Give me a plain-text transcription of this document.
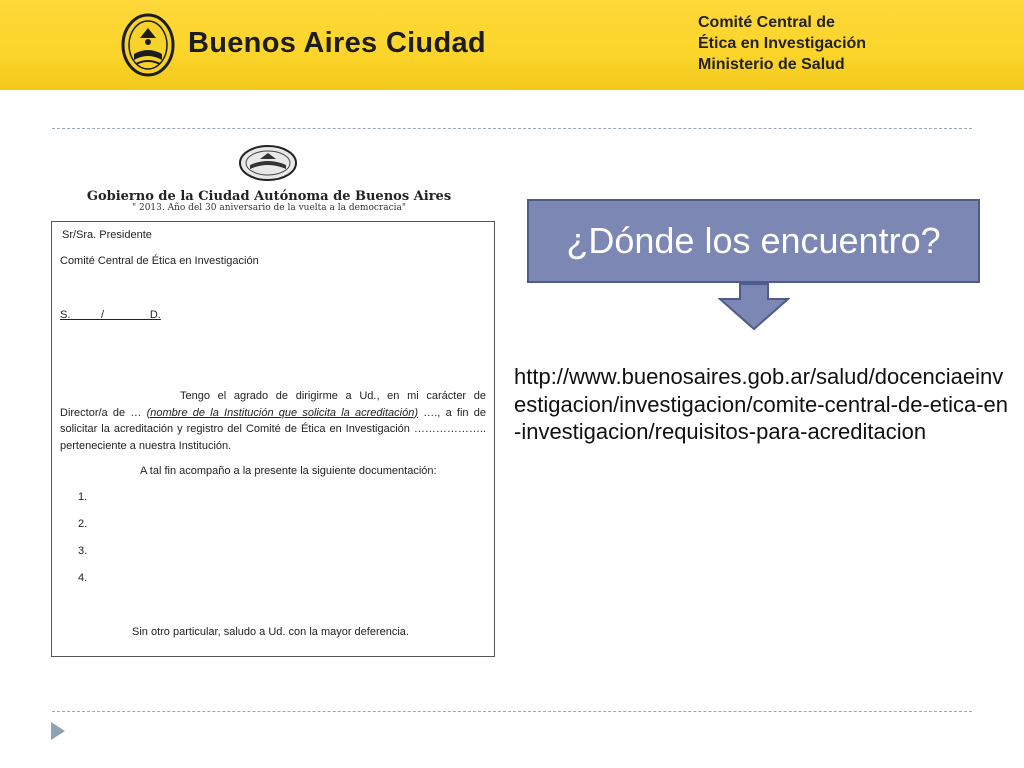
Buenos Aires Ciudad
Comité Central de
Ética en Investigación
Ministerio de Salud
Gobierno de la Ciudad Autónoma de Buenos Aires
" 2013. Año del 30 aniversario de la vuelta a la democracia"

Sr/Sra. Presidente

Comité Central de Ética en Investigación

S.          /               D.

Tengo el agrado de dirigirme a Ud., en mi carácter de Director/a de … (nombre de la Institución que solicita la acreditación) …., a fin de solicitar la acreditación y registro del Comité de Ética en Investigación ……………….. perteneciente a nuestra Institución.

A tal fin acompaño a la presente la siguiente documentación:

1.

2.

3.

4.

Sin otro particular, saludo a Ud. con la mayor deferencia.

¿Dónde los encuentro?
http://www.buenosaires.gob.ar/salud/docenciaeinvestigacion/investigacion/comite-central-de-etica-en-investigacion/requisitos-para-acreditacion
